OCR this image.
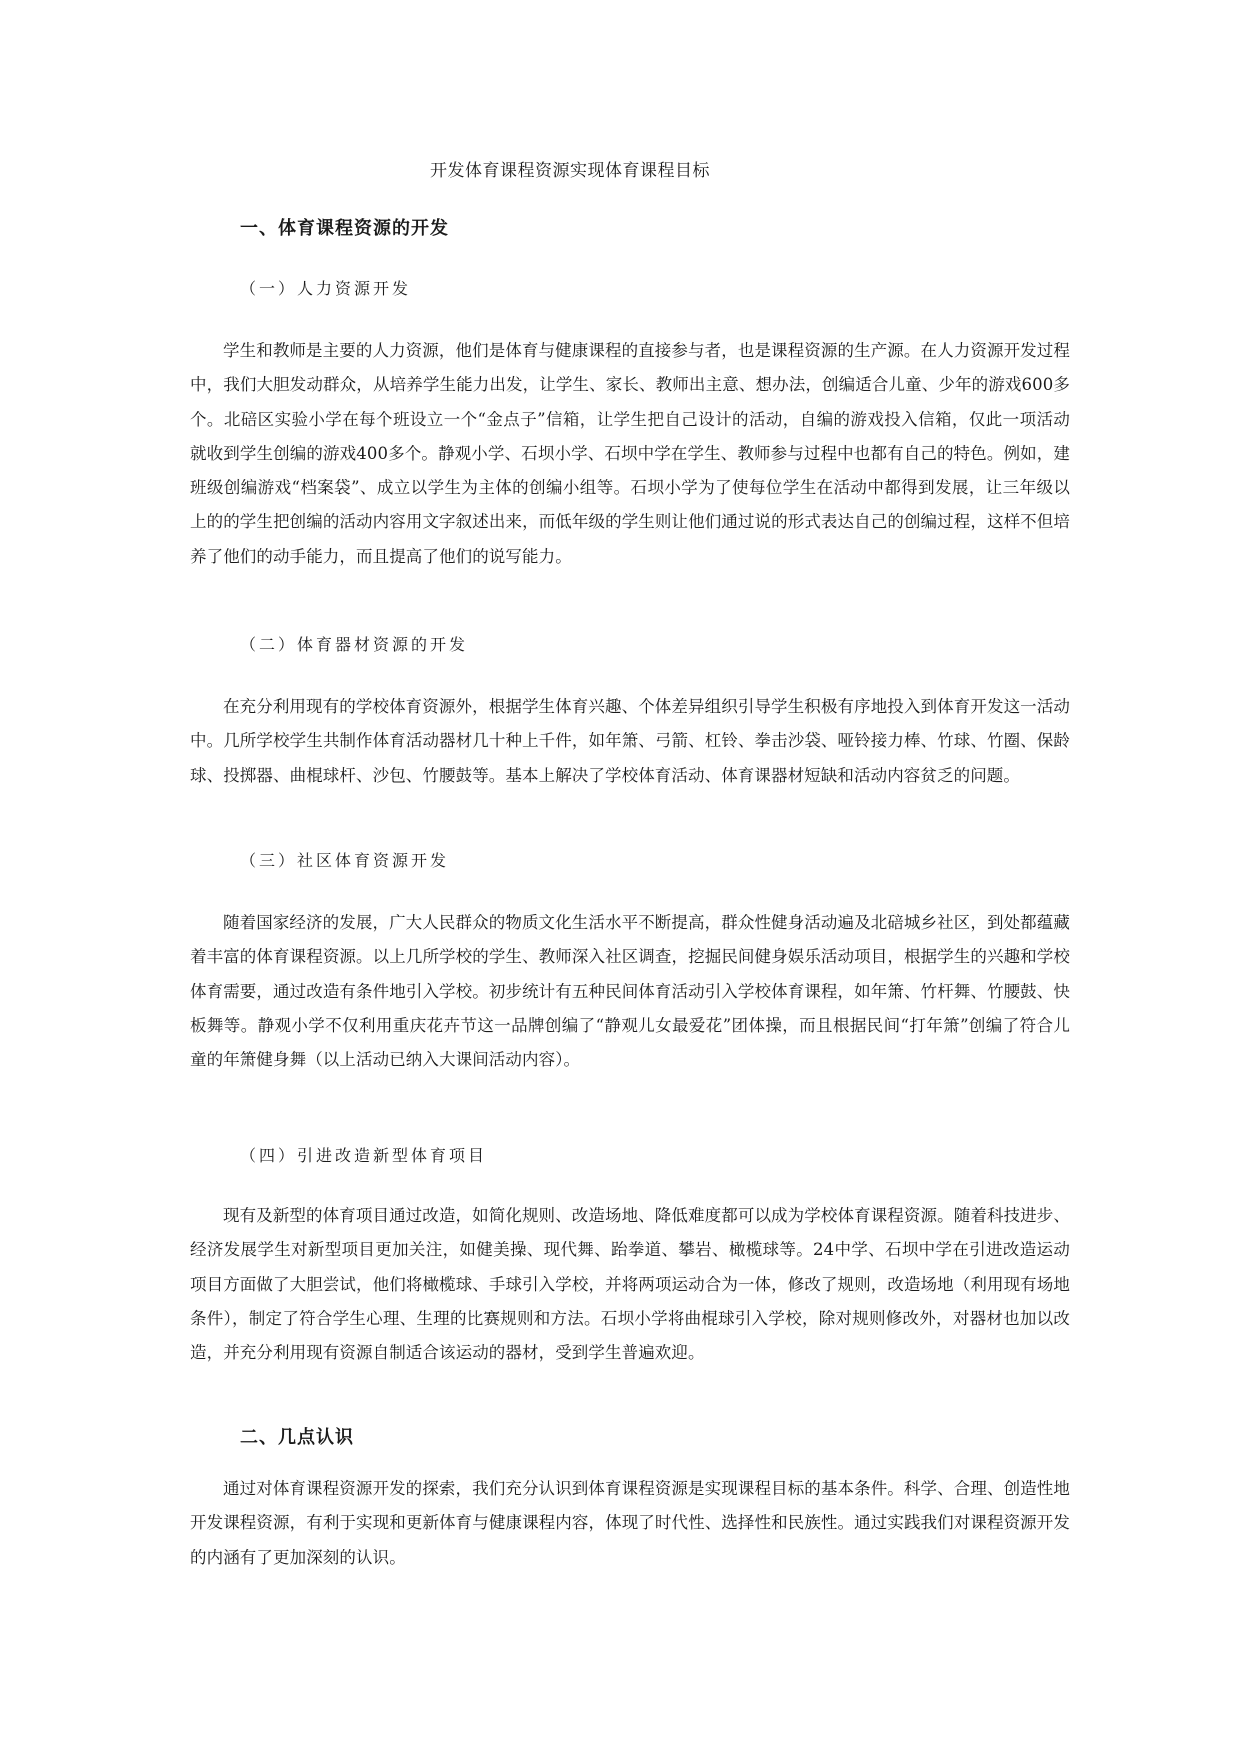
开发体育课程资源实现体育课程目标
一、体育课程资源的开发
（一）人力资源开发

学生和教师是主要的人力资源，他们是体育与健康课程的直接参与者，也是课程资源的生产源。在人力资源开发过程中，我们大胆发动群众，从培养学生能力出发，让学生、家长、教师出主意、想办法，创编适合儿童、少年的游戏600多个。北碚区实验小学在每个班设立一个“金点子”信箱，让学生把自己设计的活动，自编的游戏投入信箱，仅此一项活动就收到学生创编的游戏400多个。静观小学、石坝小学、石坝中学在学生、教师参与过程中也都有自己的特色。例如，建班级创编游戏“档案袋”、成立以学生为主体的创编小组等。石坝小学为了使每位学生在活动中都得到发展，让三年级以上的的学生把创编的活动内容用文字叙述出来，而低年级的学生则让他们通过说的形式表达自己的创编过程，这样不但培养了他们的动手能力，而且提高了他们的说写能力。

（二）体育器材资源的开发

在充分利用现有的学校体育资源外，根据学生体育兴趣、个体差异组织引导学生积极有序地投入到体育开发这一活动中。几所学校学生共制作体育活动器材几十种上千件，如年箫、弓箭、杠铃、拳击沙袋、哑铃接力棒、竹球、竹圈、保龄球、投掷器、曲棍球杆、沙包、竹腰鼓等。基本上解决了学校体育活动、体育课器材短缺和活动内容贫乏的问题。

（三）社区体育资源开发

随着国家经济的发展，广大人民群众的物质文化生活水平不断提高，群众性健身活动遍及北碚城乡社区，到处都蕴藏着丰富的体育课程资源。以上几所学校的学生、教师深入社区调查，挖掘民间健身娱乐活动项目，根据学生的兴趣和学校体育需要，通过改造有条件地引入学校。初步统计有五种民间体育活动引入学校体育课程，如年箫、竹杆舞、竹腰鼓、快板舞等。静观小学不仅利用重庆花卉节这一品牌创编了“静观儿女最爱花”团体操，而且根据民间“打年箫”创编了符合儿童的年箫健身舞（以上活动已纳入大课间活动内容）。

（四）引进改造新型体育项目

现有及新型的体育项目通过改造，如简化规则、改造场地、降低难度都可以成为学校体育课程资源。随着科技进步、经济发展学生对新型项目更加关注，如健美操、现代舞、跆拳道、攀岩、橄榄球等。24中学、石坝中学在引进改造运动项目方面做了大胆尝试，他们将橄榄球、手球引入学校，并将两项运动合为一体，修改了规则，改造场地（利用现有场地条件），制定了符合学生心理、生理的比赛规则和方法。石坝小学将曲棍球引入学校，除对规则修改外，对器材也加以改造，并充分利用现有资源自制适合该运动的器材，受到学生普遍欢迎。

二、几点认识

通过对体育课程资源开发的探索，我们充分认识到体育课程资源是实现课程目标的基本条件。科学、合理、创造性地开发课程资源，有利于实现和更新体育与健康课程内容，体现了时代性、选择性和民族性。通过实践我们对课程资源开发的内涵有了更加深刻的认识。
